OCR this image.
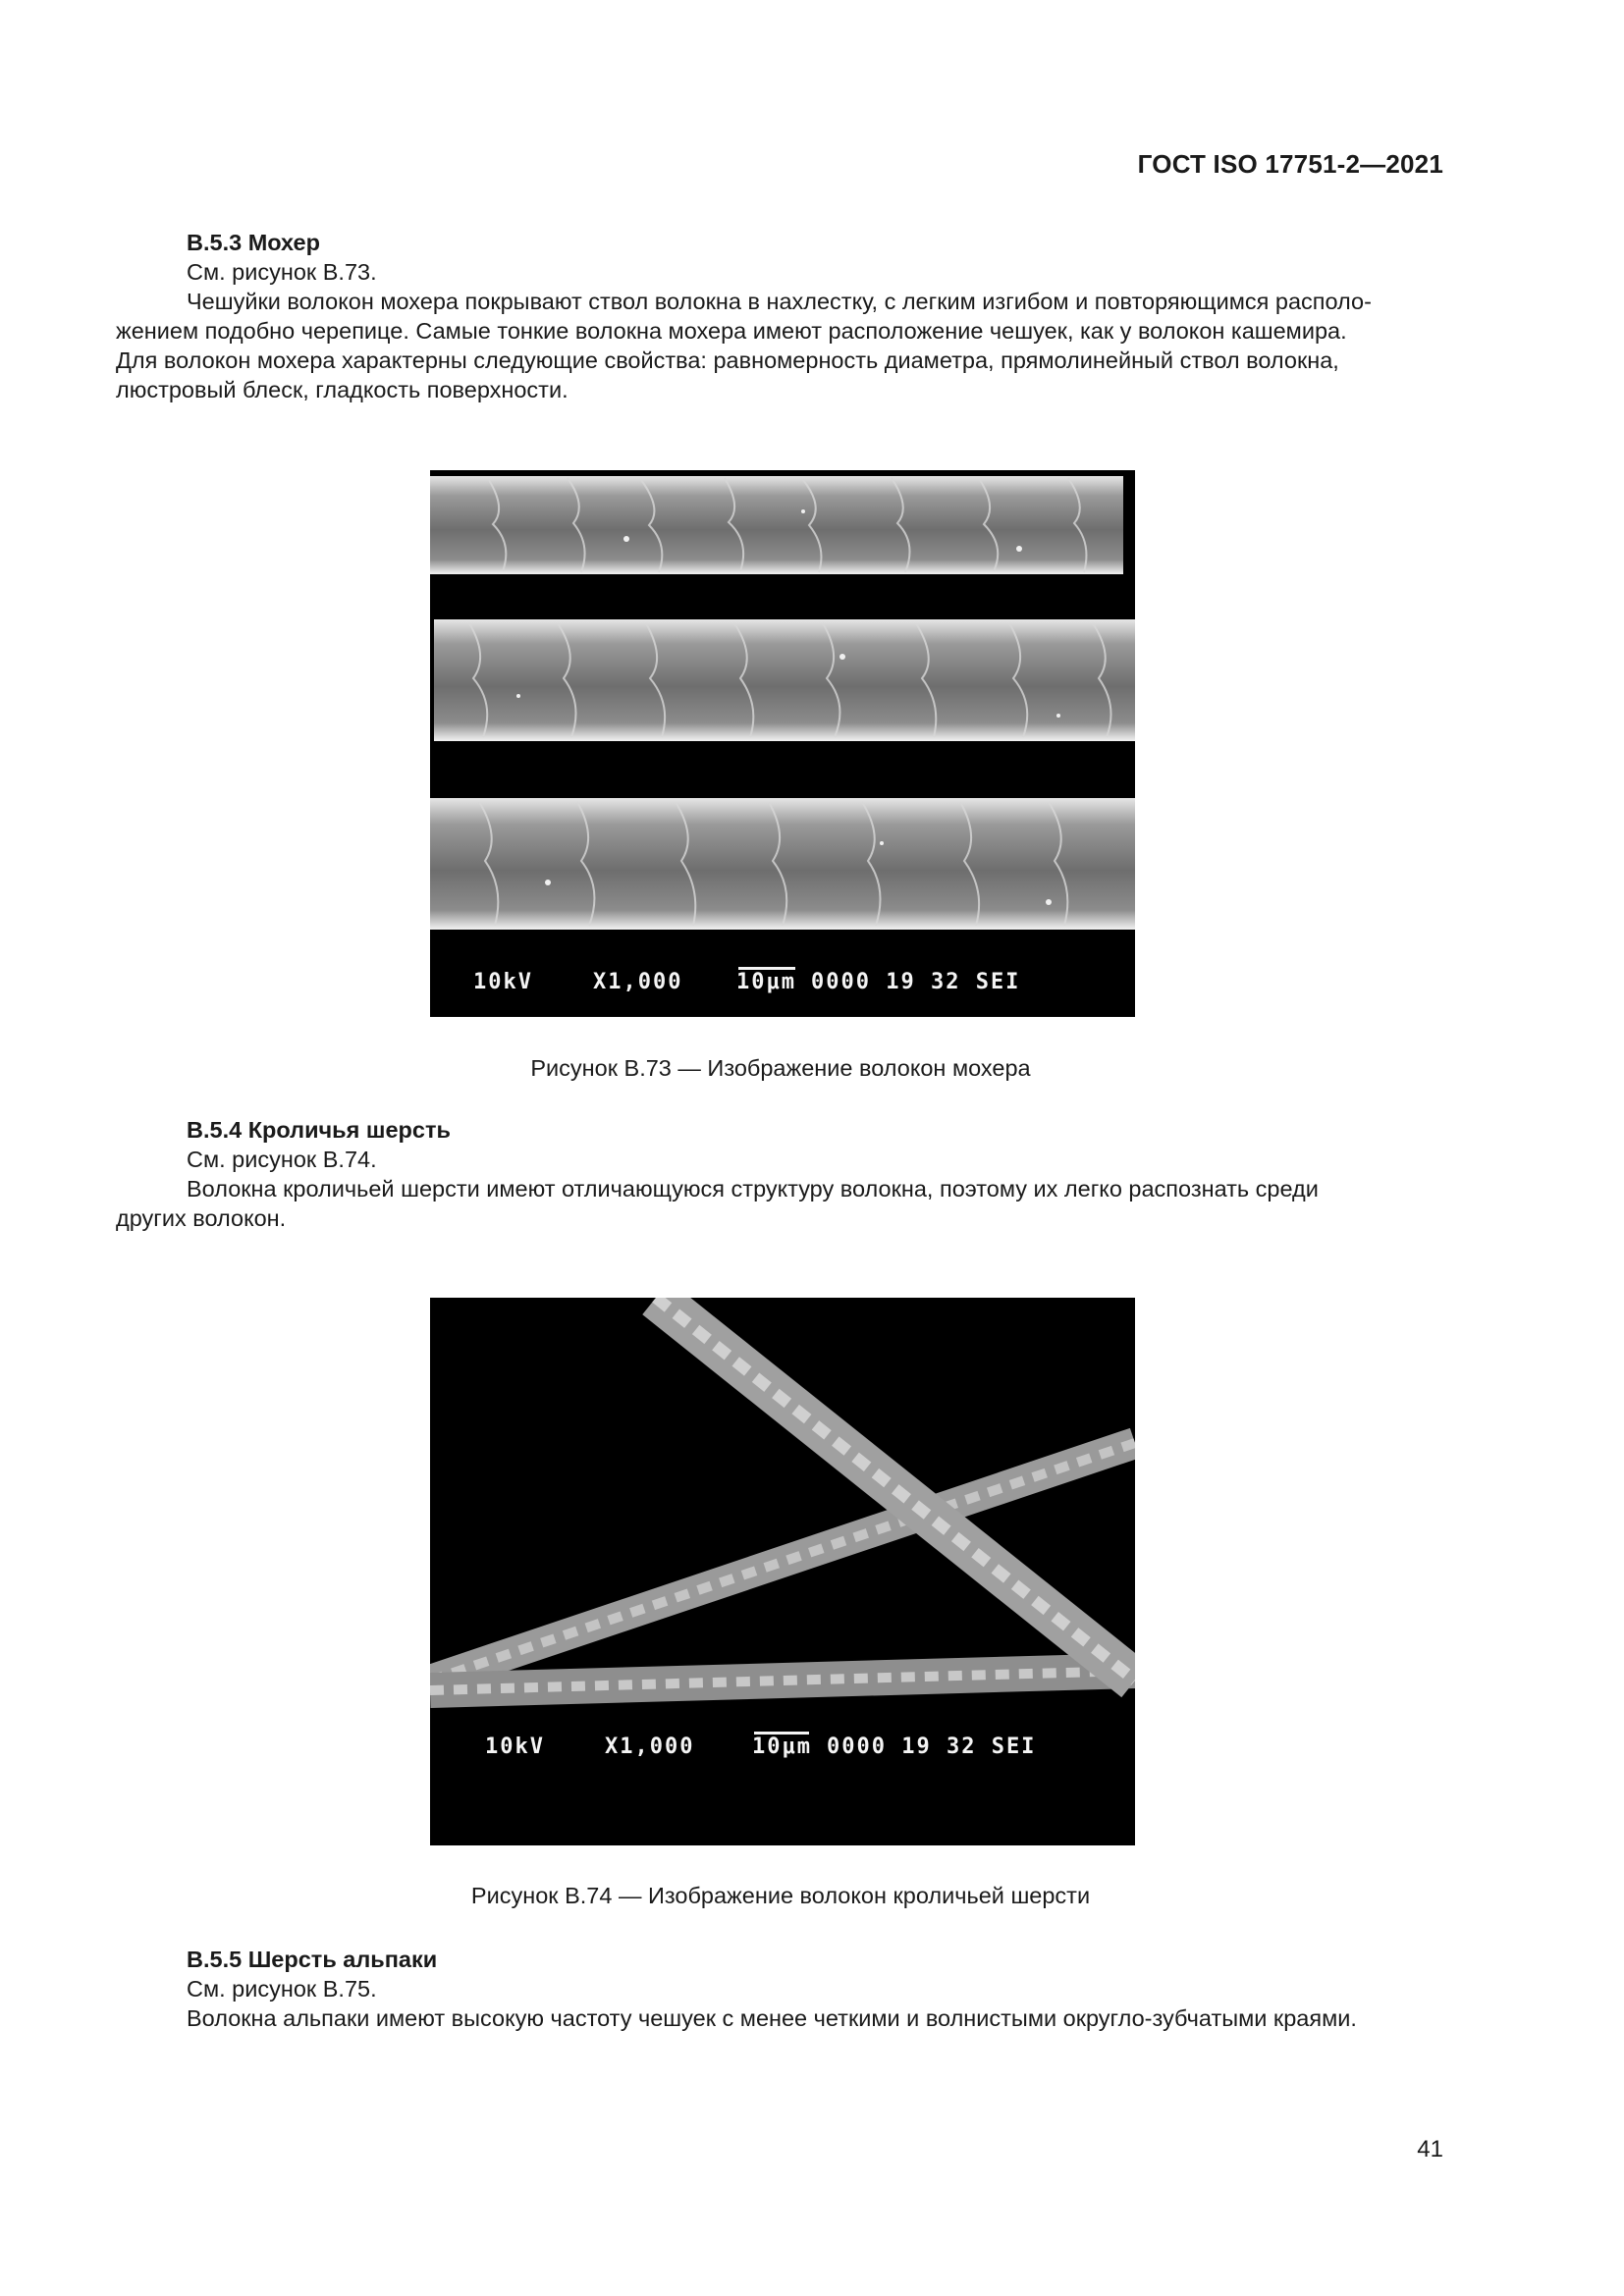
ГОСТ ISO 17751-2—2021

B.5.3 Мохер

См. рисунок B.73.

Чешуйки волокон мохера покрывают ствол волокна в нахлестку, с легким изгибом и повторяющимся располо-

жением подобно черепице. Самые тонкие волокна мохера имеют расположение чешуек, как у волокон кашемира.

Для волокон мохера характерны следующие свойства: равномерность диаметра, прямолинейный ствол волокна,

люстровый блеск, гладкость поверхности.

10kV	X1,000 10μm 0000 19 32 SEI
Рисунок B.73 — Изображение волокон мохера

B.5.4 Кроличья шерсть

См. рисунок B.74.

Волокна кроличьей шерсти имеют отличающуюся структуру волокна, поэтому их легко распознать среди

других волокон.

10kV	X1,000	10μm 0000 19 32 SEI
Рисунок B.74 — Изображение волокон кроличьей шерсти

B.5.5 Шерсть альпаки

См. рисунок B.75.

Волокна альпаки имеют высокую частоту чешуек с менее четкими и волнистыми округло-зубчатыми краями.

41
